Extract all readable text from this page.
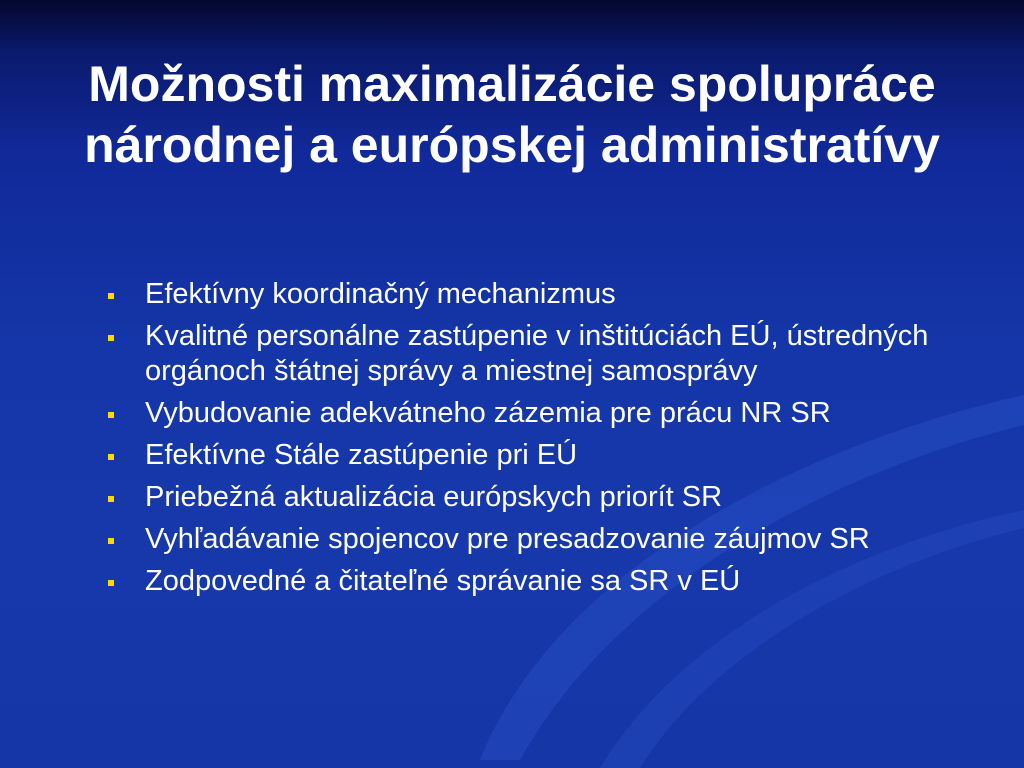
Možnosti maximalizácie spolupráce národnej a európskej administratívy
Efektívny koordinačný mechanizmus
Kvalitné personálne zastúpenie v inštitúciách EÚ, ústredných orgánoch štátnej správy a miestnej samosprávy
Vybudovanie adekvátneho zázemia pre prácu NR SR
Efektívne Stále zastúpenie pri EÚ
Priebežná aktualizácia európskych priorít SR
Vyhľadávanie spojencov pre presadzovanie záujmov SR
Zodpovedné a čitateľné správanie sa SR v EÚ
